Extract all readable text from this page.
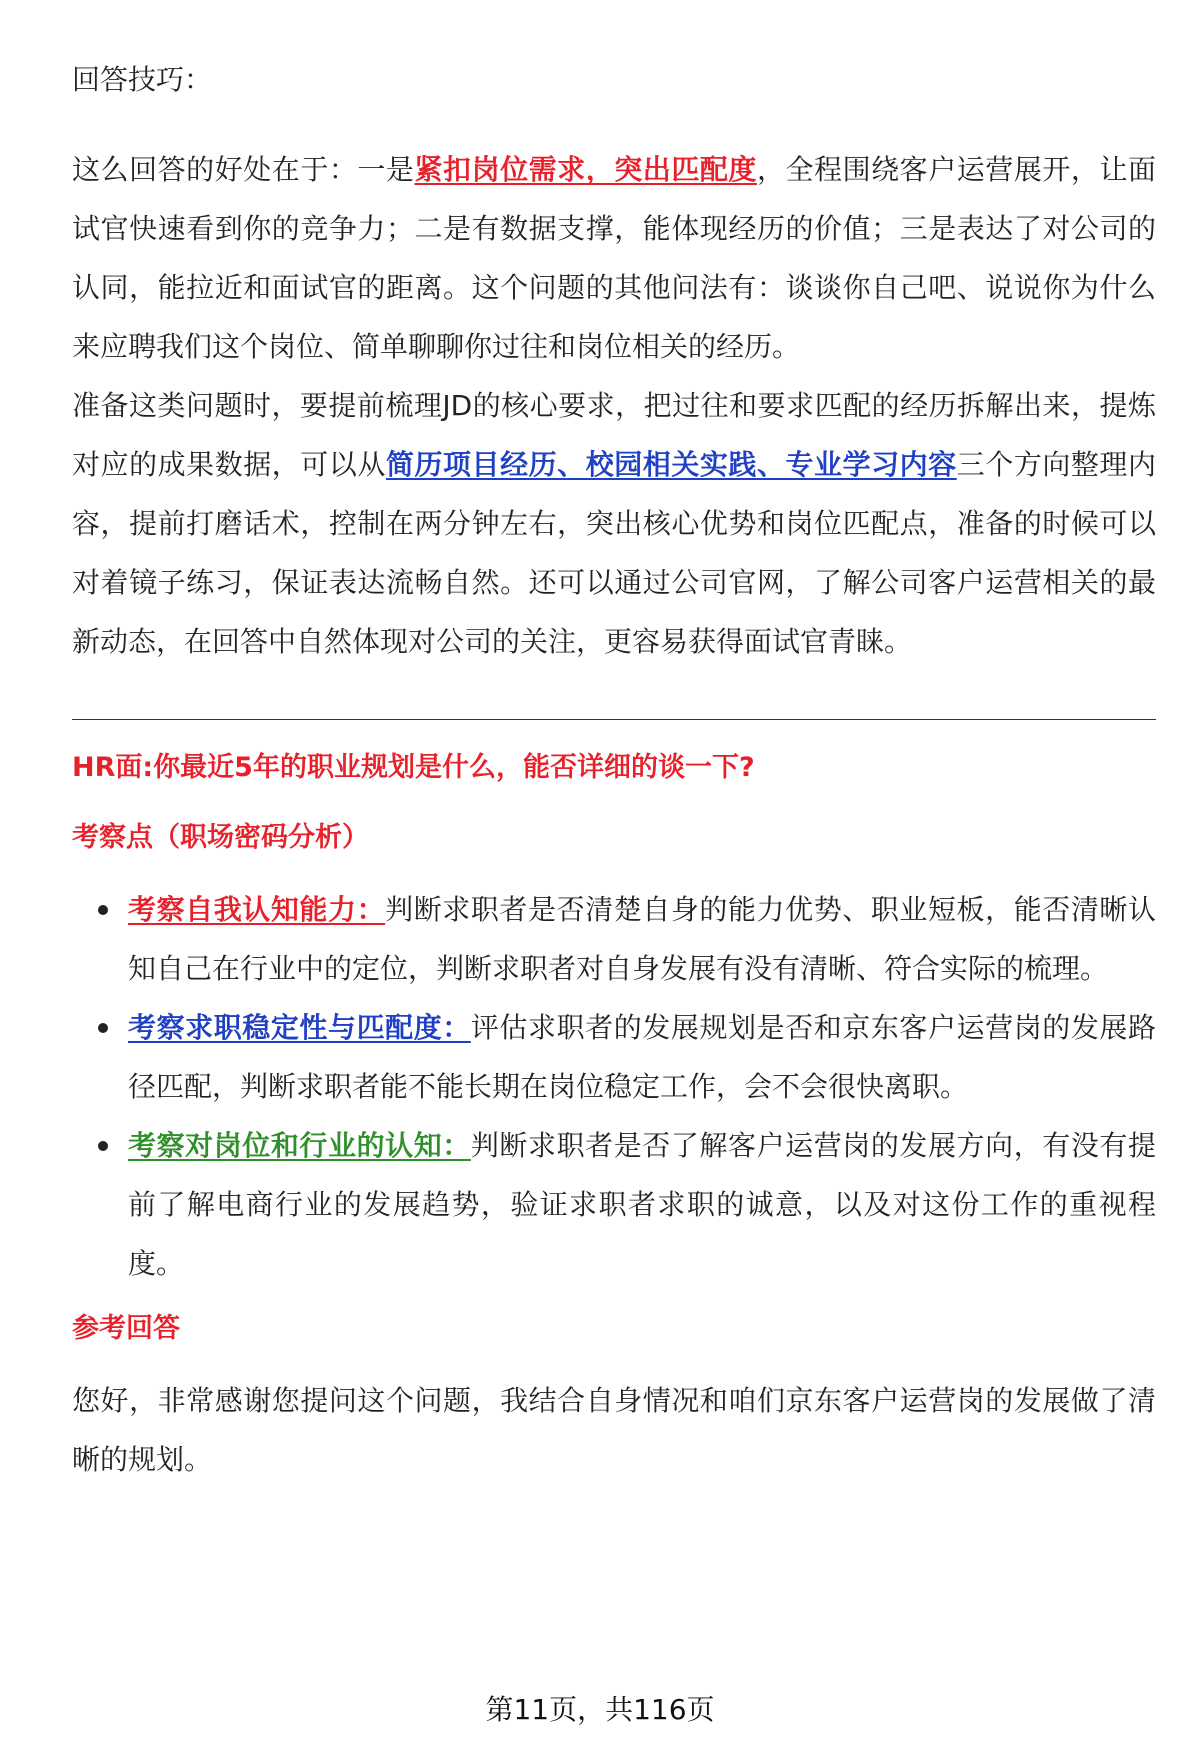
回答技巧：

这么回答的好处在于：一是紧扣岗位需求，突出匹配度，全程围绕客户运营展开，让面试官快速看到你的竞争力；二是有数据支撑，能体现经历的价值；三是表达了对公司的认同，能拉近和面试官的距离。这个问题的其他问法有：谈谈你自己吧、说说你为什么来应聘我们这个岗位、简单聊聊你过往和岗位相关的经历。

准备这类问题时，要提前梳理JD的核心要求，把过往和要求匹配的经历拆解出来，提炼对应的成果数据，可以从简历项目经历、校园相关实践、专业学习内容三个方向整理内容，提前打磨话术，控制在两分钟左右，突出核心优势和岗位匹配点，准备的时候可以对着镜子练习，保证表达流畅自然。还可以通过公司官网，了解公司客户运营相关的最新动态，在回答中自然体现对公司的关注，更容易获得面试官青睐。

HR面:你最近5年的职业规划是什么，能否详细的谈一下?

考察点（职场密码分析）

考察自我认知能力：判断求职者是否清楚自身的能力优势、职业短板，能否清晰认知自己在行业中的定位，判断求职者对自身发展有没有清晰、符合实际的梳理。
考察求职稳定性与匹配度：评估求职者的发展规划是否和京东客户运营岗的发展路径匹配，判断求职者能不能长期在岗位稳定工作，会不会很快离职。
考察对岗位和行业的认知：判断求职者是否了解客户运营岗的发展方向，有没有提前了解电商行业的发展趋势，验证求职者求职的诚意，以及对这份工作的重视程度。

参考回答

您好，非常感谢您提问这个问题，我结合自身情况和咱们京东客户运营岗的发展做了清晰的规划。

第11页，共116页
